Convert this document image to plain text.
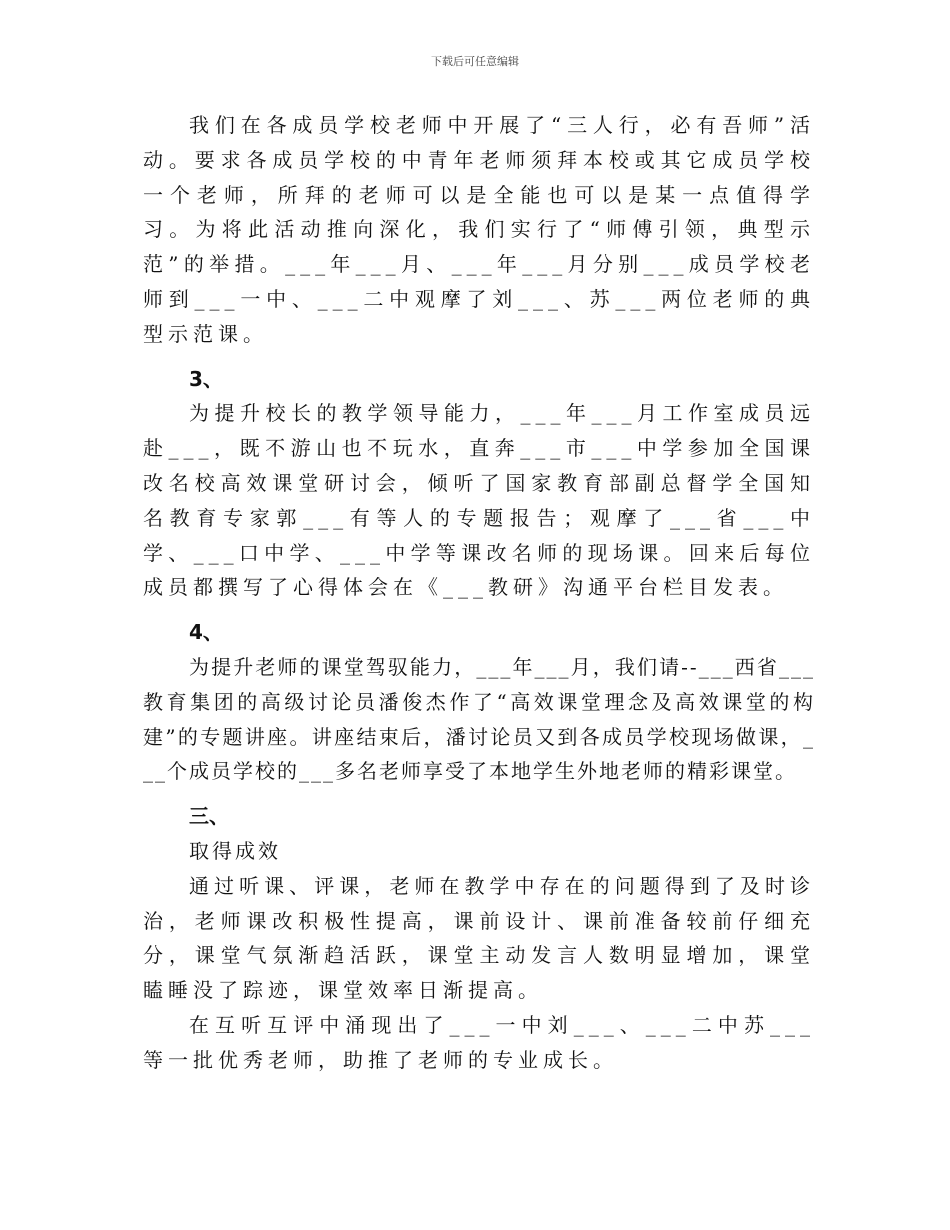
下载后可任意编辑

我们在各成员学校老师中开展了“三人行，必有吾师”活动。要求各成员学校的中青年老师须拜本校或其它成员学校一个老师，所拜的老师可以是全能也可以是某一点值得学习。为将此活动推向深化，我们实行了“师傅引领，典型示范”的举措。___年___月、___年___月分别___成员学校老师到___一中、___二中观摩了刘___、苏___两位老师的典型示范课。

3、

为提升校长的教学领导能力，___年___月工作室成员远赴___，既不游山也不玩水，直奔___市___中学参加全国课改名校高效课堂研讨会，倾听了国家教育部副总督学全国知名教育专家郭___有等人的专题报告；观摩了___省___中学、___口中学、___中学等课改名师的现场课。回来后每位成员都撰写了心得体会在《___教研》沟通平台栏目发表。

4、

为提升老师的课堂驾驭能力，___年___月，我们请--___西省___教育集团的高级讨论员潘俊杰作了“高效课堂理念及高效课堂的构建”的专题讲座。讲座结束后，潘讨论员又到各成员学校现场做课，___个成员学校的___多名老师享受了本地学生外地老师的精彩课堂。

三、

取得成效

通过听课、评课，老师在教学中存在的问题得到了及时诊治，老师课改积极性提高，课前设计、课前准备较前仔细充分，课堂气氛渐趋活跃，课堂主动发言人数明显增加，课堂瞌睡没了踪迹，课堂效率日渐提高。

在互听互评中涌现出了___一中刘___、___二中苏___等一批优秀老师，助推了老师的专业成长。
